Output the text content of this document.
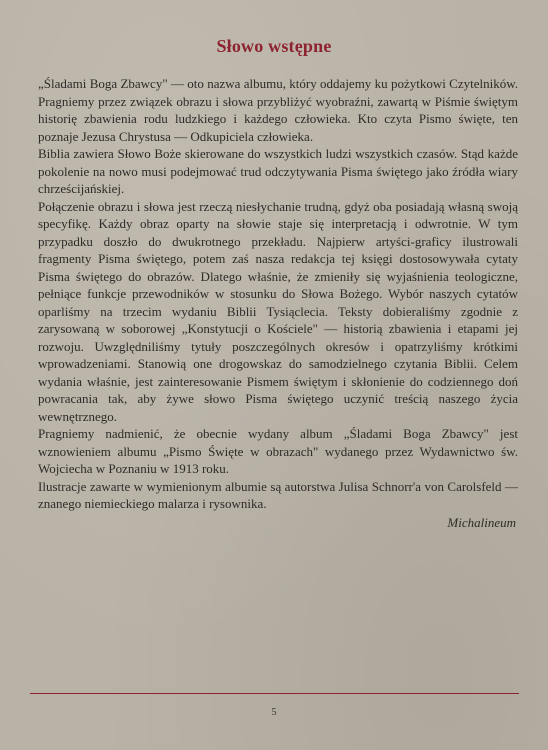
Słowo wstępne

„Śladami Boga Zbawcy" — oto nazwa albumu, który oddajemy ku pożytkowi Czytelników. Pragniemy przez związek obrazu i słowa przybliżyć wyobraźni, zawartą w Piśmie świętym historię zbawienia rodu ludzkiego i każdego człowieka. Kto czyta Pismo święte, ten poznaje Jezusa Chrystusa — Odkupiciela człowieka.

Biblia zawiera Słowo Boże skierowane do wszystkich ludzi wszystkich czasów. Stąd każde pokolenie na nowo musi podejmować trud odczytywania Pisma świętego jako źródła wiary chrześcijańskiej.

Połączenie obrazu i słowa jest rzeczą niesłychanie trudną, gdyż oba posiadają własną swoją specyfikę. Każdy obraz oparty na słowie staje się interpretacją i odwrotnie. W tym przypadku doszło do dwukrotnego przekładu. Najpierw artyści-graficy ilustrowali fragmenty Pisma świętego, potem zaś nasza redakcja tej księgi dostosowywała cytaty Pisma świętego do obrazów. Dlatego właśnie, że zmieniły się wyjaśnienia teologiczne, pełniące funkcje przewodników w stosunku do Słowa Bożego. Wybór naszych cytatów oparliśmy na trzecim wydaniu Biblii Tysiąclecia. Teksty dobieraliśmy zgodnie z zarysowaną w soborowej „Konstytucji o Kościele" — historią zbawienia i etapami jej rozwoju. Uwzględniliśmy tytuły poszczególnych okresów i opatrzyliśmy krótkimi wprowadzeniami. Stanowią one drogowskaz do samodzielnego czytania Biblii. Celem wydania właśnie, jest zainteresowanie Pismem świętym i skłonienie do codziennego doń powracania tak, aby żywe słowo Pisma świętego uczynić treścią naszego życia wewnętrznego.

Pragniemy nadmienić, że obecnie wydany album „Śladami Boga Zbawcy" jest wznowieniem albumu „Pismo Święte w obrazach" wydanego przez Wydawnictwo św. Wojciecha w Poznaniu w 1913 roku.

Ilustracje zawarte w wymienionym albumie są autorstwa Julisa Schnorr'a von Carolsfeld — znanego niemieckiego malarza i rysownika.

Michalineum
5
